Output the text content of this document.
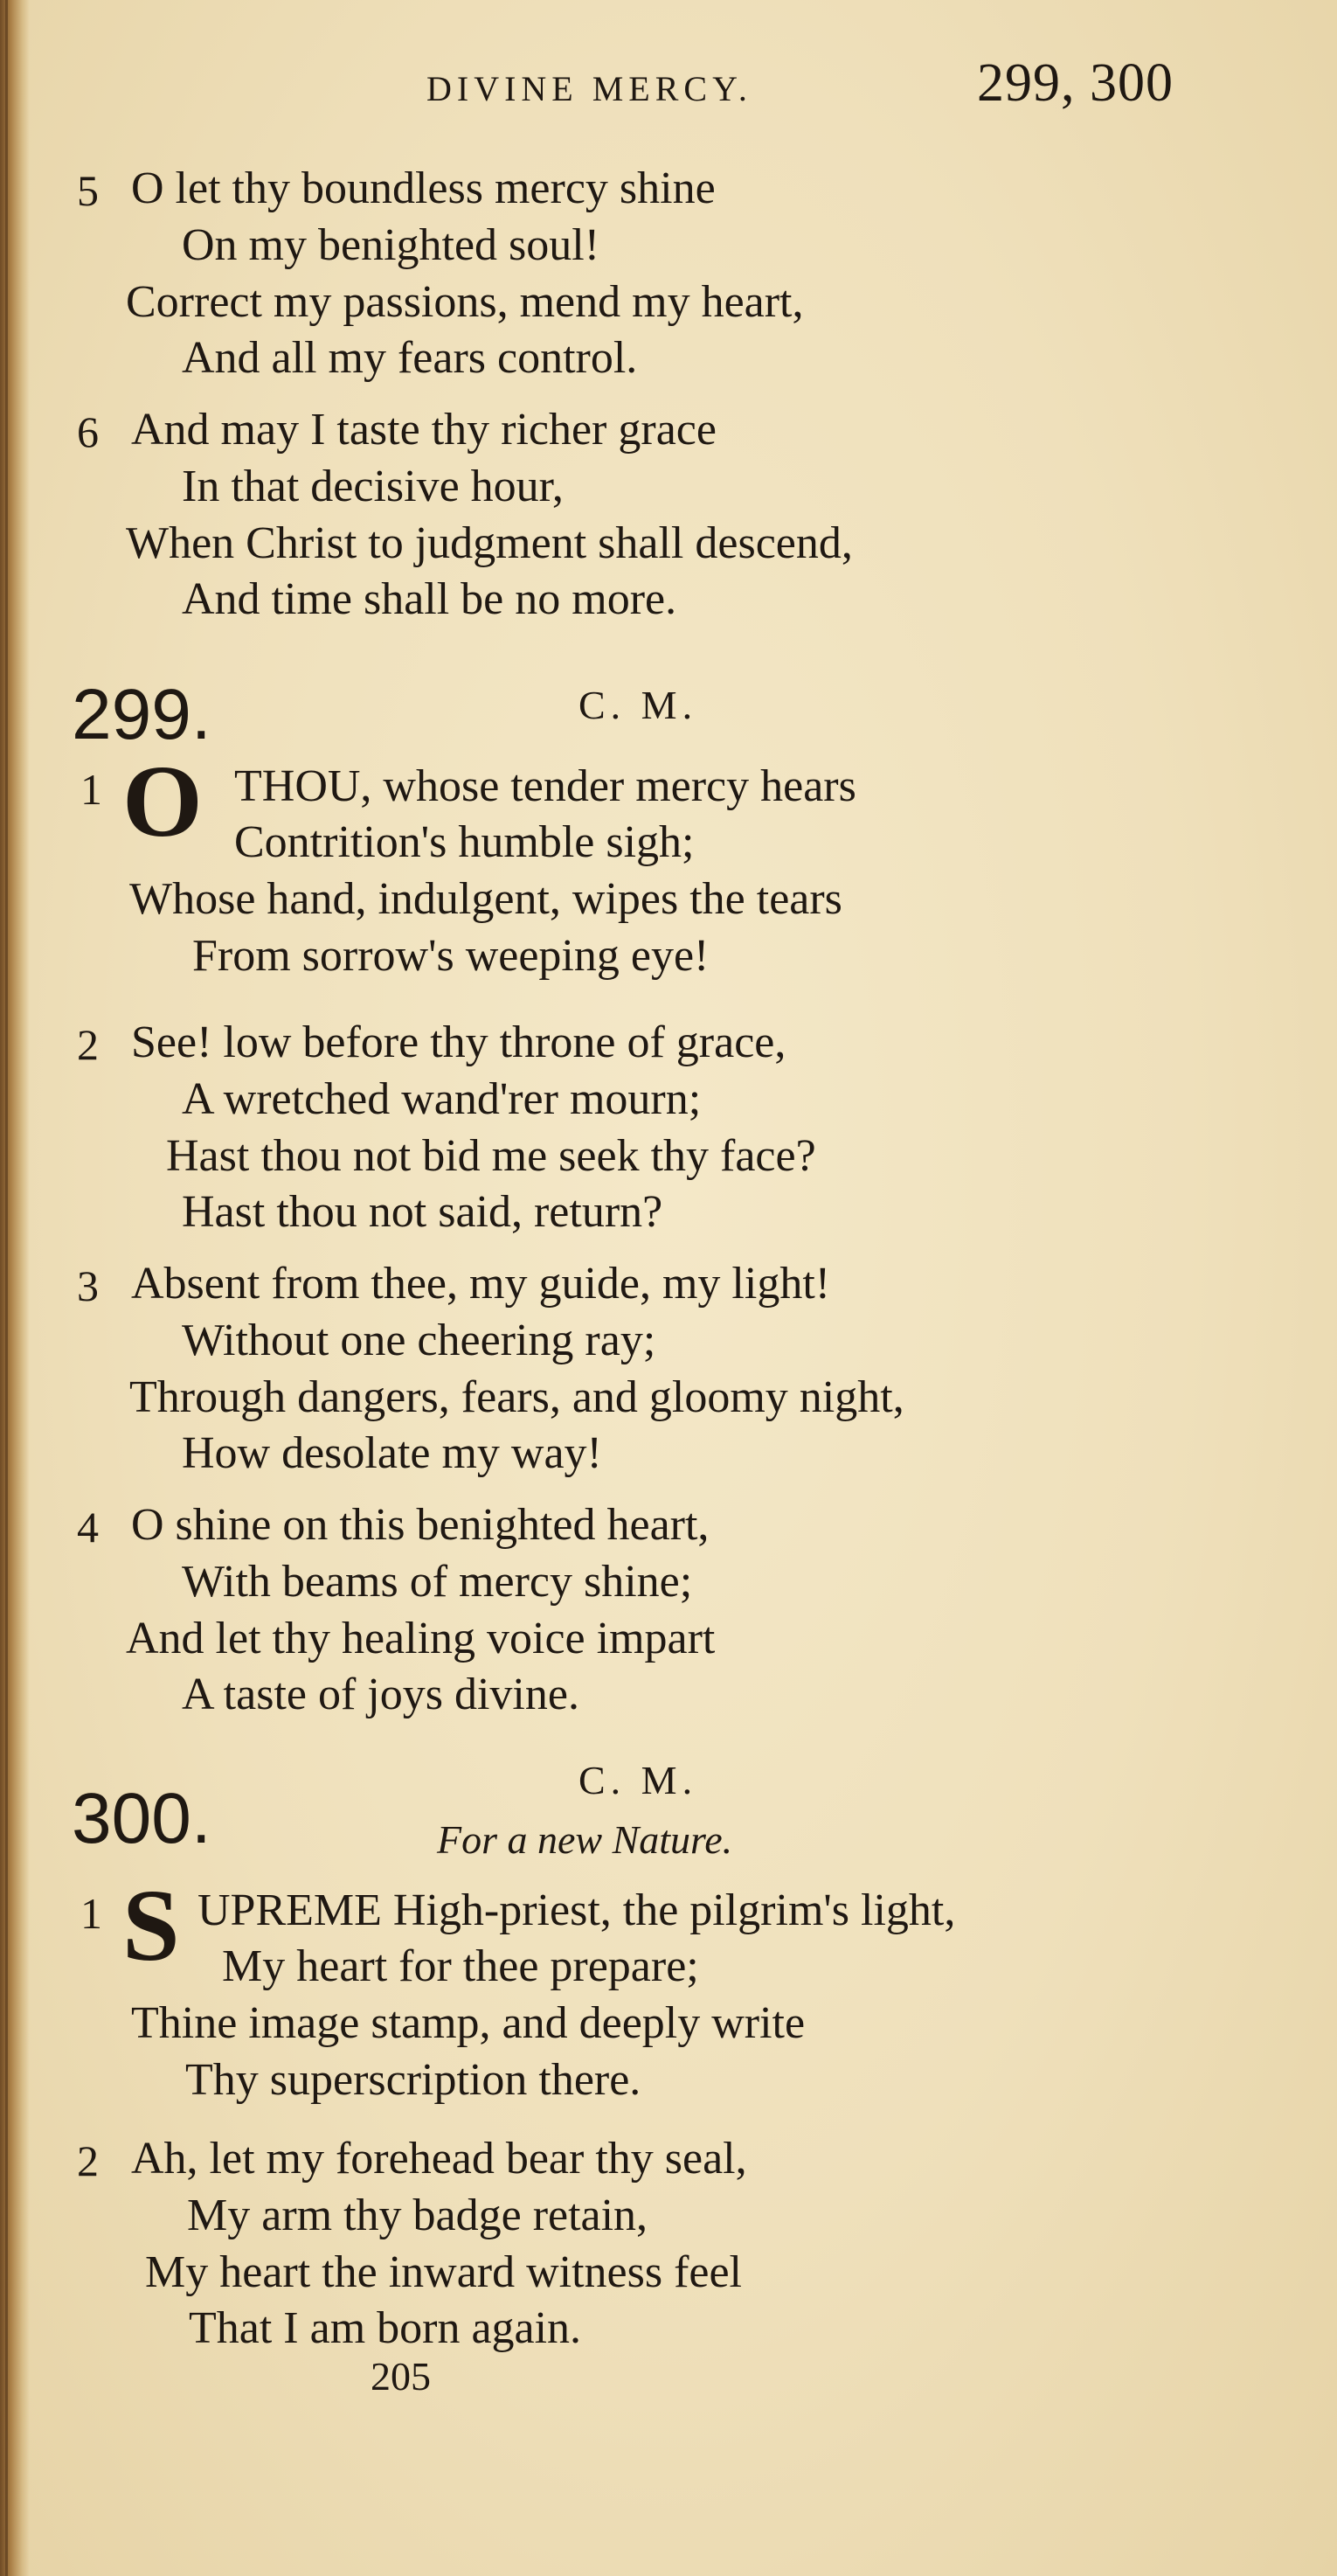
DIVINE MERCY.	299, 300
5 O let thy boundless mercy shine
On my benighted soul!
Correct my passions, mend my heart,
And all my fears control.
6 And may I taste thy richer grace
In that decisive hour,
When Christ to judgment shall descend,
And time shall be no more.
299.	C. M.
1 O THOU, whose tender mercy hears
Contrition's humble sigh;
Whose hand, indulgent, wipes the tears
From sorrow's weeping eye!
2 See! low before thy throne of grace,
A wretched wand'rer mourn;
Hast thou not bid me seek thy face?
Hast thou not said, return?
3 Absent from thee, my guide, my light!
Without one cheering ray;
Through dangers, fears, and gloomy night,
How desolate my way!
4 O shine on this benighted heart,
With beams of mercy shine;
And let thy healing voice impart
A taste of joys divine.
C. M.
300.	For a new Nature.
1 S UPREME High-priest, the pilgrim's light,
My heart for thee prepare;
Thine image stamp, and deeply write
Thy superscription there.
2 Ah, let my forehead bear thy seal,
My arm thy badge retain,
My heart the inward witness feel
That I am born again.
205
